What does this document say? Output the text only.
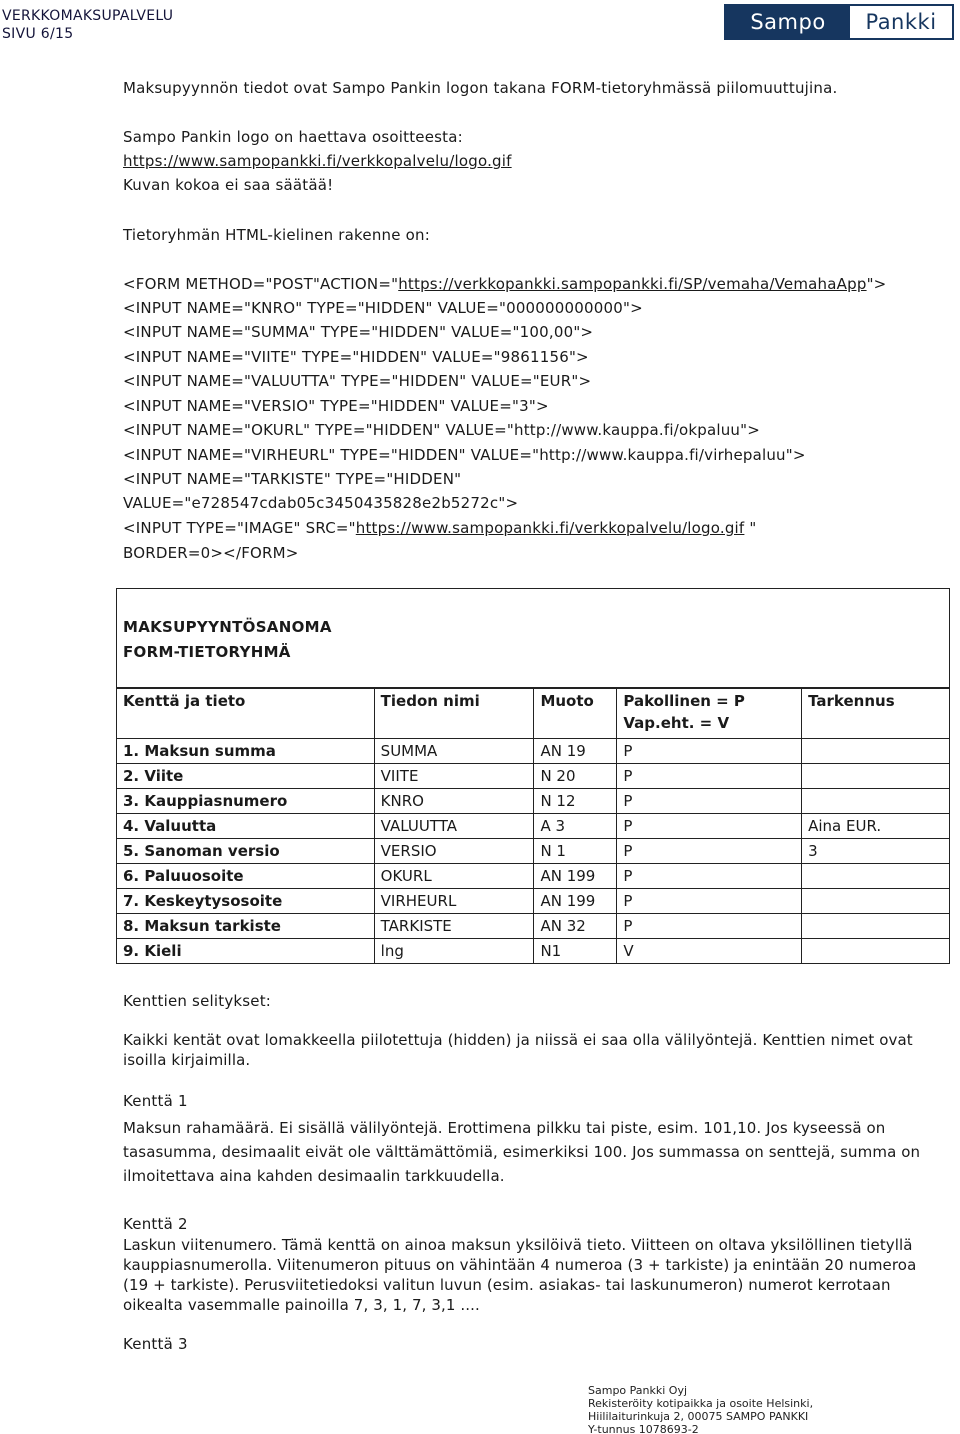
VERKKOMAKSUPALVELU
SIVU 6/15	Sampo	Pankki
Maksupyynnön tiedot ovat Sampo Pankin logon takana FORM-tietoryhmässä piilomuuttujina.
Sampo Pankin logo on haettava osoitteesta:
https://www.sampopankki.fi/verkkopalvelu/logo.gif
Kuvan kokoa ei saa säätää!
Tietoryhmän HTML-kielinen rakenne on:
<FORM METHOD="POST"ACTION="https://verkkopankki.sampopankki.fi/SP/vemaha/VemahaApp">
<INPUT NAME="KNRO" TYPE="HIDDEN" VALUE="000000000000">
<INPUT NAME="SUMMA" TYPE="HIDDEN" VALUE="100,00">
<INPUT NAME="VIITE" TYPE="HIDDEN" VALUE="9861156">
<INPUT NAME="VALUUTTA" TYPE="HIDDEN" VALUE="EUR">
<INPUT NAME="VERSIO" TYPE="HIDDEN" VALUE="3">
<INPUT NAME="OKURL" TYPE="HIDDEN" VALUE="http://www.kauppa.fi/okpaluu">
<INPUT NAME="VIRHEURL" TYPE="HIDDEN" VALUE="http://www.kauppa.fi/virhepaluu">
<INPUT NAME="TARKISTE" TYPE="HIDDEN"
VALUE="e728547cdab05c3450435828e2b5272c">
<INPUT TYPE="IMAGE" SRC="https://www.sampopankki.fi/verkkopalvelu/logo.gif "
BORDER=0></FORM>
MAKSUPYYNTÖSANOMA
FORM-TIETORYHMÄ
Kenttä ja tieto	Tiedon nimi	Muoto	Pakollinen = P
Vap.eht. = V	Tarkennus
1. Maksun summa	SUMMA	AN 19	P	
2. Viite	VIITE	N 20	P	
3. Kauppiasnumero	KNRO	N 12	P	
4. Valuutta	VALUUTTA	A 3	P	Aina EUR.
5. Sanoman versio	VERSIO	N 1	P	3
6. Paluuosoite	OKURL	AN 199	P	
7. Keskeytysosoite	VIRHEURL	AN 199	P	
8. Maksun tarkiste	TARKISTE	AN 32	P	
9. Kieli	lng	N1	V	
Kenttien selitykset:
Kaikki kentät ovat lomakkeella piilotettuja (hidden) ja niissä ei saa olla välilyöntejä. Kenttien nimet ovat isoilla kirjaimilla.
Kenttä 1
Maksun rahamäärä. Ei sisällä välilyöntejä. Erottimena pilkku tai piste, esim. 101,10. Jos kyseessä on tasasumma, desimaalit eivät ole välttämättömiä, esimerkiksi 100. Jos summassa on senttejä, summa on ilmoitettava aina kahden desimaalin tarkkuudella.
Kenttä 2
Laskun viitenumero. Tämä kenttä on ainoa maksun yksilöivä tieto. Viitteen on oltava yksilöllinen tietyllä kauppiasnumerolla. Viitenumeron pituus on vähintään 4 numeroa (3 + tarkiste) ja enintään 20 numeroa (19 + tarkiste). Perusviitetiedoksi valitun luvun (esim. asiakas- tai laskunumeron) numerot kerrotaan oikealta vasemmalle painoilla 7, 3, 1, 7, 3,1 ....
Kenttä 3
Sampo Pankki Oyj
Rekisteröity kotipaikka ja osoite Helsinki,
Hiililaiturinkuja 2, 00075 SAMPO PANKKI
Y-tunnus 1078693-2
